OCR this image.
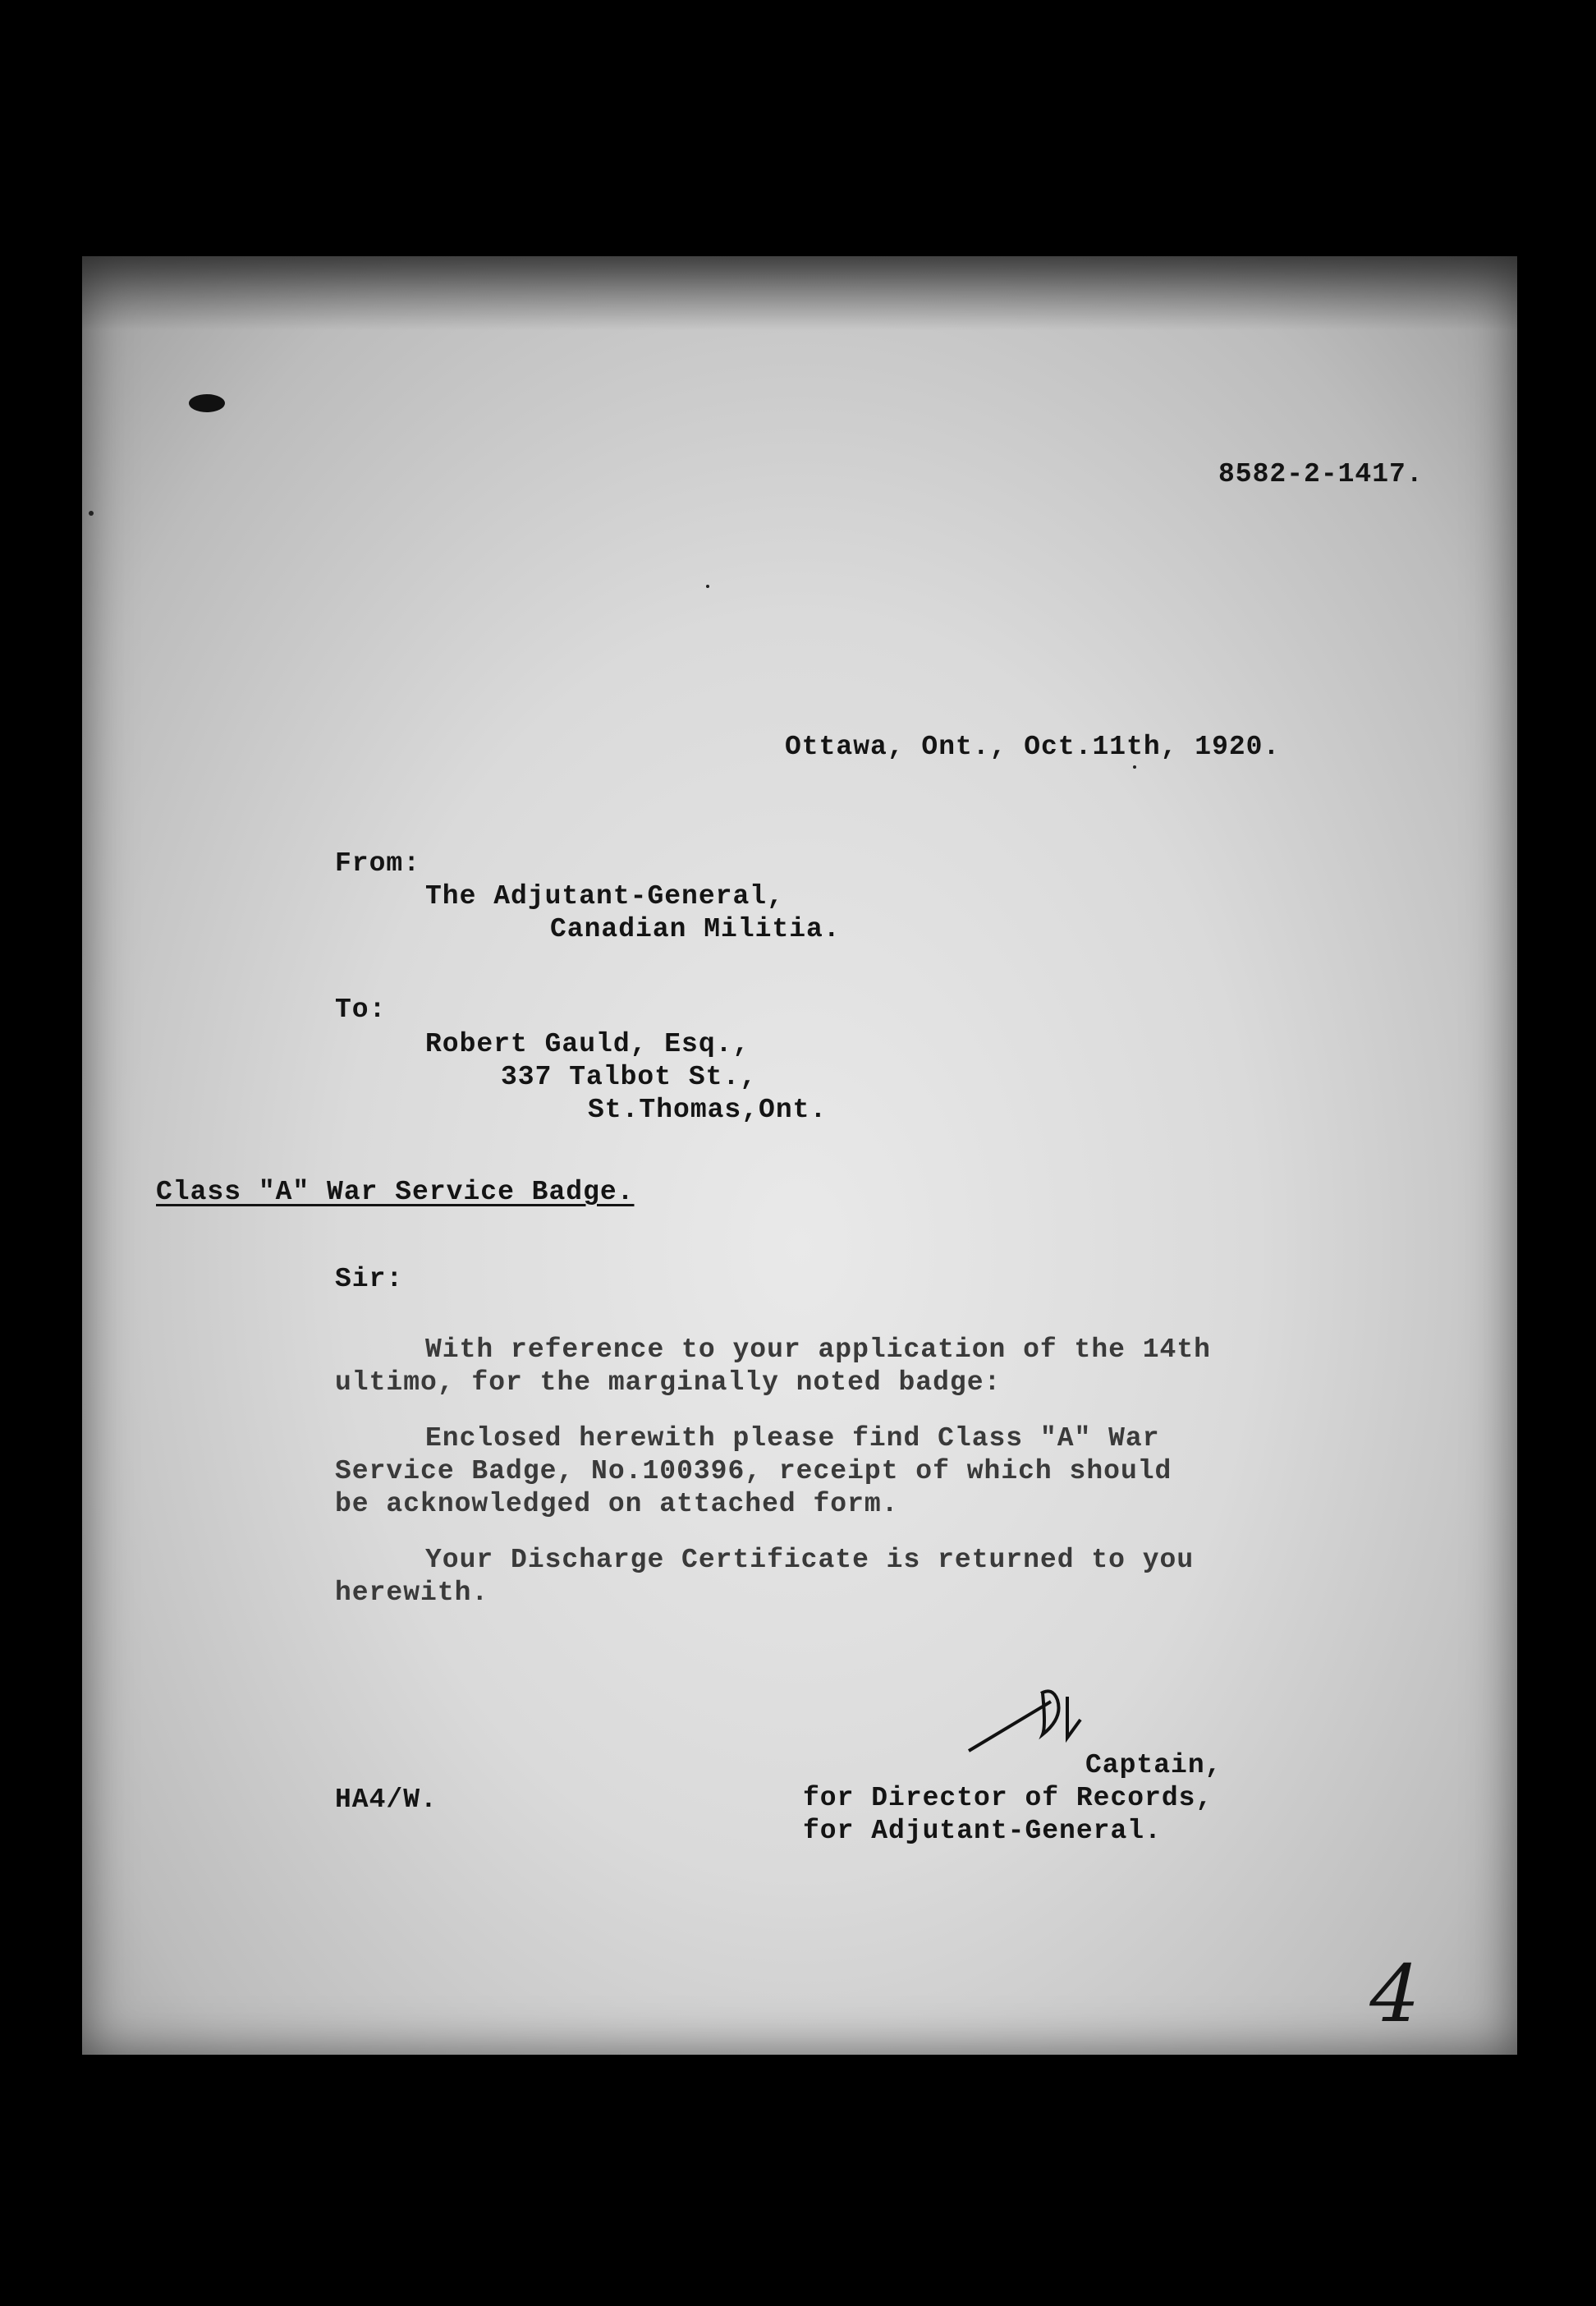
8582-2-1417.
Ottawa, Ont., Oct.11th, 1920.
From:
The Adjutant-General,
Canadian Militia.
To:
Robert Gauld, Esq.,
337 Talbot St.,
St.Thomas,Ont.
Class "A" War Service Badge.
Sir:
With reference to your application of the 14th
ultimo, for the marginally noted badge:
Enclosed herewith please find Class "A" War
Service Badge, No.100396, receipt of which should
be acknowledged on attached form.
Your Discharge Certificate is returned to you
herewith.
Captain,
for Director of Records,
for Adjutant-General.
HA4/W.
4
